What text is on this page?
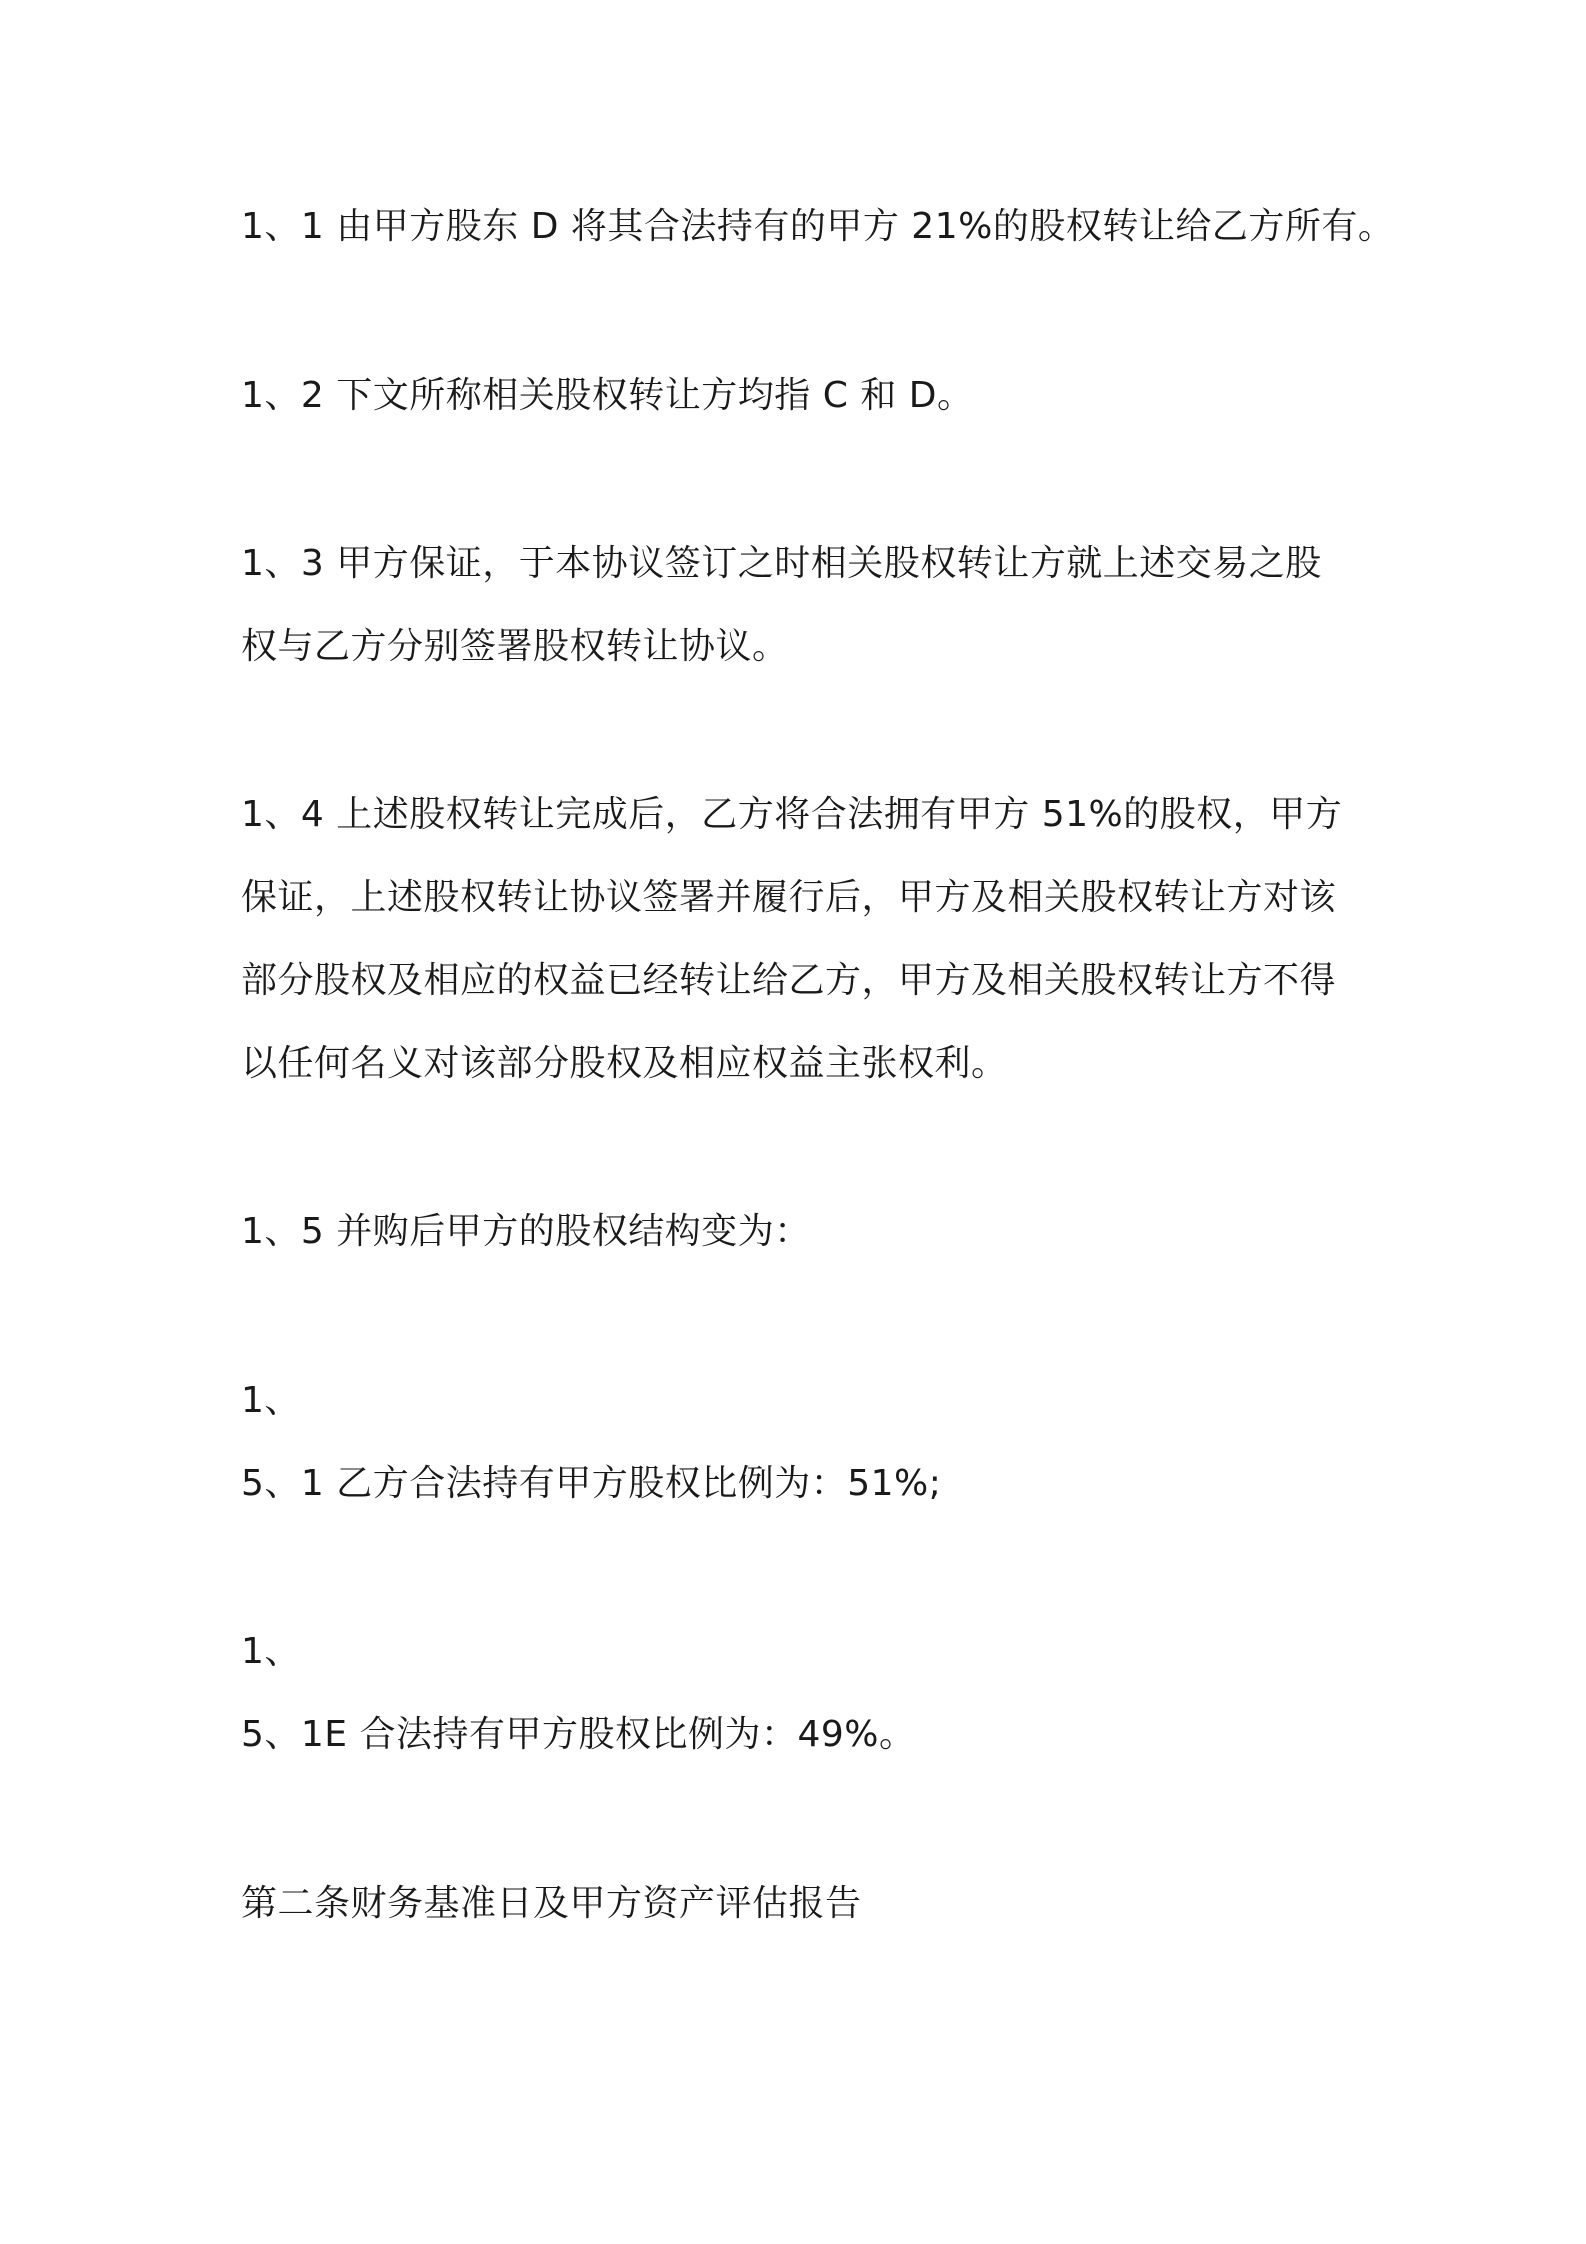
1、1 由甲方股东 D 将其合法持有的甲方 21%的股权转让给乙方所有。

1、2 下文所称相关股权转让方均指 C 和 D。

1、3 甲方保证，于本协议签订之时相关股权转让方就上述交易之股
权与乙方分别签署股权转让协议。

1、4 上述股权转让完成后，乙方将合法拥有甲方 51%的股权，甲方
保证，上述股权转让协议签署并履行后，甲方及相关股权转让方对该
部分股权及相应的权益已经转让给乙方，甲方及相关股权转让方不得
以任何名义对该部分股权及相应权益主张权利。

1、5 并购后甲方的股权结构变为：

1、
5、1 乙方合法持有甲方股权比例为：51%;

1、
5、1E 合法持有甲方股权比例为：49%。

第二条财务基准日及甲方资产评估报告
